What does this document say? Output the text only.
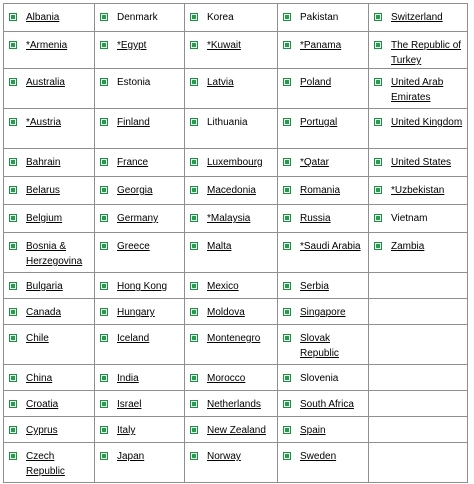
Albania	Denmark	Korea	Pakistan	Switzerland

*Armenia	*Egypt	*Kuwait	*Panama	The Republic of Turkey

Australia	Estonia	Latvia	Poland	United Arab Emirates

*Austria	Finland	Lithuania	Portugal	United Kingdom

Bahrain	France	Luxembourg	*Qatar	United States

Belarus	Georgia	Macedonia	Romania	*Uzbekistan

Belgium	Germany	*Malaysia	Russia	Vietnam

Bosnia & Herzegovina	Greece	Malta	*Saudi Arabia	Zambia

Bulgaria	Hong Kong	Mexico	Serbia	

Canada	Hungary	Moldova	Singapore	

Chile	Iceland	Montenegro	Slovak Republic	

China	India	Morocco	Slovenia	

Croatia	Israel	Netherlands	South Africa	

Cyprus	Italy	New Zealand	Spain	

Czech Republic	Japan	Norway	Sweden	
